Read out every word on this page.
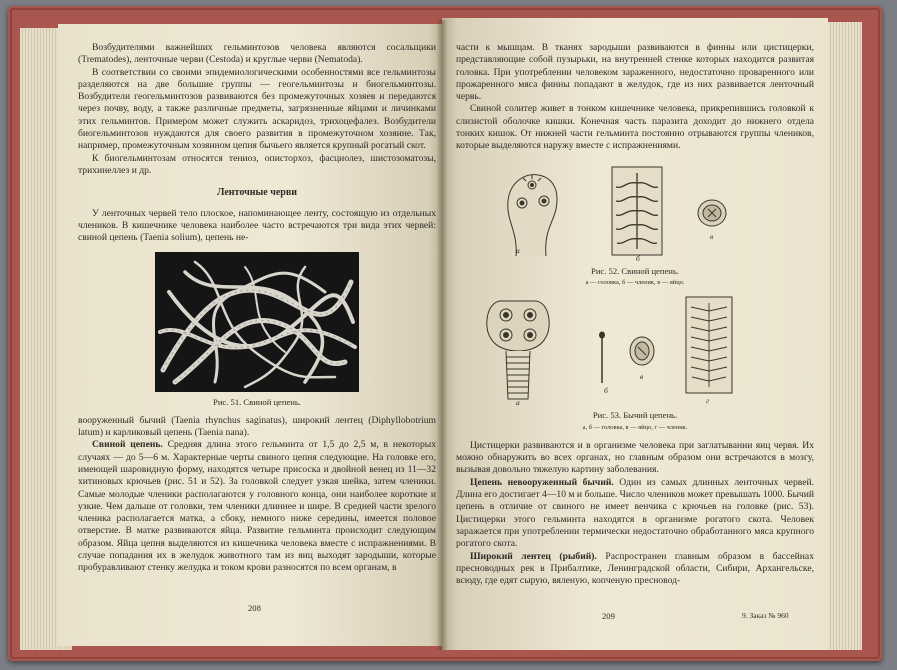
Возбудителями важнейших гельминтозов человека являются сосальщики (Trematodes), ленточные черви (Cestoda) и круглые черви (Nematoda).

В соответствии со своими эпидемиологическими особенностями все гельминтозы разделяются на две большие группы — геогельминтозы и биогельминтозы. Возбудители геогельминтозов развиваются без промежуточных хозяев и передаются через почву, воду, а также различные предметы, загрязненные яйцами и личинками этих гельминтов. Примером может служить аскаридоз, трихоцефалез. Возбудители биогельминтозов нуждаются для своего развития в промежуточном хозяине. Так, например, промежуточным хозяином цепня бычьего является крупный рогатый скот.

К биогельминтозам относятся тениоз, описторхоз, фасциолез, шистозоматозы, трихинеллез и др.

Ленточные черви

У ленточных червей тело плоское, напоминающее ленту, состоящую из отдельных члеников. В кишечнике человека наиболее часто встречаются три вида этих червей: свиной цепень (Taenia solium), цепень не-

Рис. 51. Свиной цепень.

вооруженный бычий (Taenia rhynchus saginatus), широкий лентец (Diphyllobotrium latum) и карликовый цепень (Taenia nana).

Свиной цепень. Средняя длина этого гельминта от 1,5 до 2,5 м, в некоторых случаях — до 5—6 м. Характерные черты свиного цепня следующие. На головке его, имеющей шаровидную форму, находятся четыре присоска и двойной венец из 11—32 хитиновых крючьев (рис. 51 и 52). За головкой следует узкая шейка, затем членики. Самые молодые членики располагаются у головного конца, они наиболее короткие и узкие. Чем дальше от головки, тем членики длиннее и шире. В средней части зрелого членика располагается матка, а сбоку, немного ниже середины, имеется половое отверстие. В матке развиваются яйца. Развитие гельминта происходит следующим образом. Яйца цепня выделяются из кишечника человека вместе с испражнениями. В случае попадания их в желудок животного там из яиц выходят зародыши, которые пробуравливают стенку желудка и током крови разносятся по всем органам, в

208

части к мышцам. В тканях зародыши развиваются в финны или цистицерки, представляющие собой пузырьки, на внутренней стенке которых находится развитая головка. При употреблении человеком зараженного, недостаточно проваренного или прожаренного мяса финны попадают в желудок, где из них развивается ленточный червь.

Свиной солитер живет в тонком кишечнике человека, прикрепившись головкой к слизистой оболочке кишки. Конечная часть паразита доходит до нижнего отдела тонких кишок. От нижней части гельминта постоянно отрываются группы члеников, которые выделяются наружу вместе с испражнениями.

а
б
в

Рис. 52. Свиной цепень.

а — головка, б — членик, в — яйцо.

а
б
в
г

Рис. 53. Бычий цепень.

а, б — головка, в — яйцо, г — членик.

Цистицерки развиваются и в организме человека при заглатывании яиц червя. Их можно обнаружить во всех органах, но главным образом они встречаются в мозгу, вызывая довольно тяжелую картину заболевания.

Цепень невооруженный бычий. Один из самых длинных ленточных червей. Длина его достигает 4—10 м и больше. Число члеников может превышать 1000. Бычий цепень в отличие от свиного не имеет венчика с крючьев на головке (рис. 53). Цистицерки этого гельминта находятся в организме рогатого скота. Человек заражается при употреблении термически недостаточно обработанного мяса крупного рогатого скота.

Широкий лентец (рыбий). Распространен главным образом в бассейнах пресноводных рек в Прибалтике, Ленинградской области, Сибири, Архангельске, всюду, где едят сырую, вяленую, копченую пресновод-

209	9. Заказ № 960
